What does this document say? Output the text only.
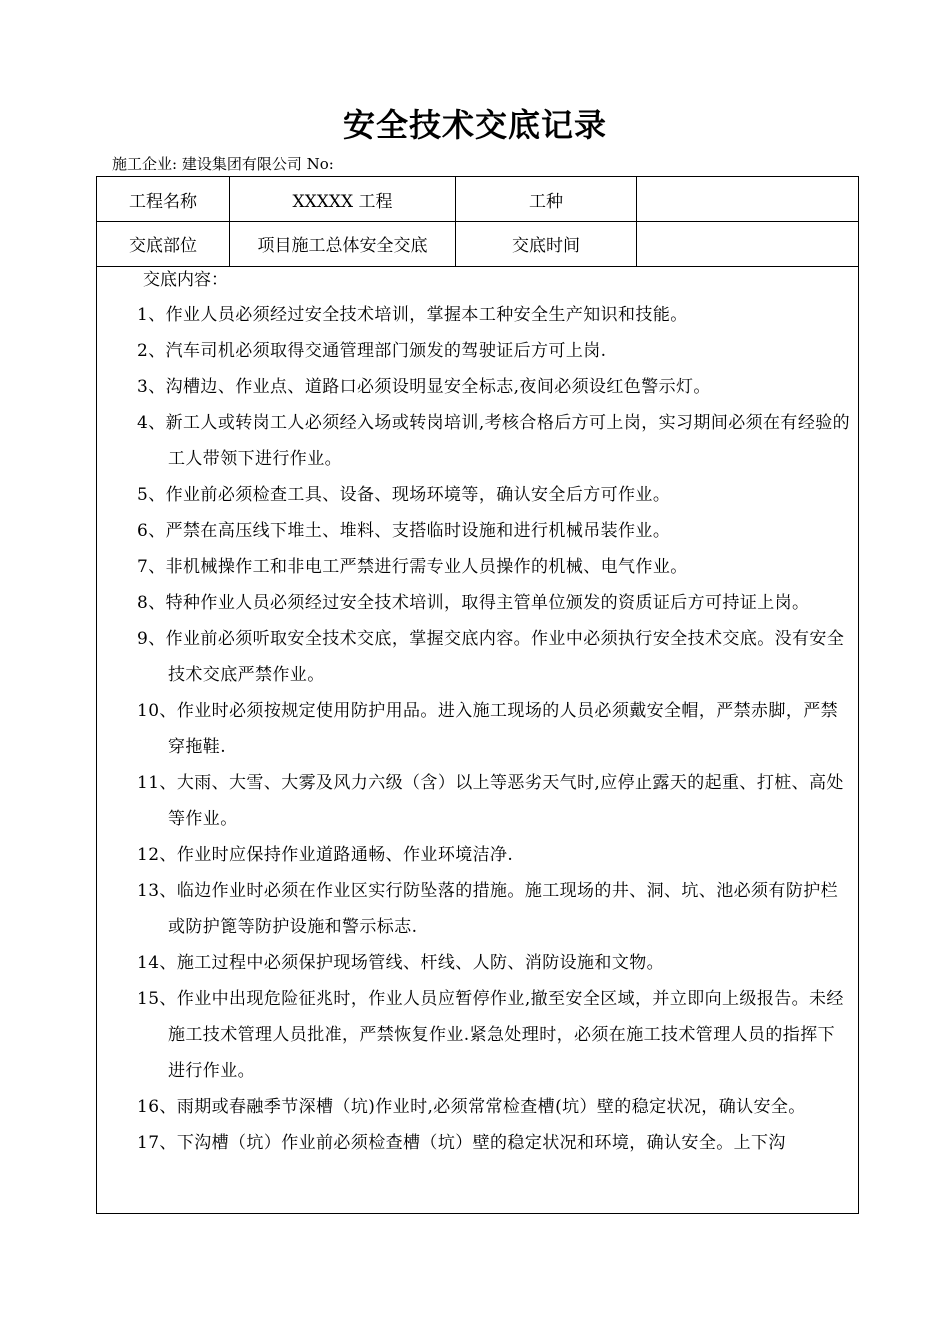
安全技术交底记录
施工企业: 建设集团有限公司 No:
工程名称	XXXXX 工程	工种
交底部位	项目施工总体安全交底	交底时间
交底内容：
1、作业人员必须经过安全技术培训，掌握本工种安全生产知识和技能。
2、汽车司机必须取得交通管理部门颁发的驾驶证后方可上岗.
3、沟槽边、作业点、道路口必须设明显安全标志,夜间必须设红色警示灯。
4、新工人或转岗工人必须经入场或转岗培训,考核合格后方可上岗，实习期间必须在有经验的工人带领下进行作业。
5、作业前必须检查工具、设备、现场环境等，确认安全后方可作业。
6、严禁在高压线下堆土、堆料、支搭临时设施和进行机械吊装作业。
7、非机械操作工和非电工严禁进行需专业人员操作的机械、电气作业。
8、特种作业人员必须经过安全技术培训，取得主管单位颁发的资质证后方可持证上岗。
9、作业前必须听取安全技术交底，掌握交底内容。作业中必须执行安全技术交底。没有安全技术交底严禁作业。
10、作业时必须按规定使用防护用品。进入施工现场的人员必须戴安全帽，严禁赤脚，严禁穿拖鞋.
11、大雨、大雪、大雾及风力六级（含）以上等恶劣天气时,应停止露天的起重、打桩、高处等作业。
12、作业时应保持作业道路通畅、作业环境洁净.
13、临边作业时必须在作业区实行防坠落的措施。施工现场的井、洞、坑、池必须有防护栏或防护篦等防护设施和警示标志.
14、施工过程中必须保护现场管线、杆线、人防、消防设施和文物。
15、作业中出现危险征兆时，作业人员应暂停作业,撤至安全区域，并立即向上级报告。未经施工技术管理人员批准，严禁恢复作业.紧急处理时，必须在施工技术管理人员的指挥下进行作业。
16、雨期或春融季节深槽（坑)作业时,必须常常检查槽(坑）壁的稳定状况，确认安全。
17、下沟槽（坑）作业前必须检查槽（坑）壁的稳定状况和环境，确认安全。上下沟
